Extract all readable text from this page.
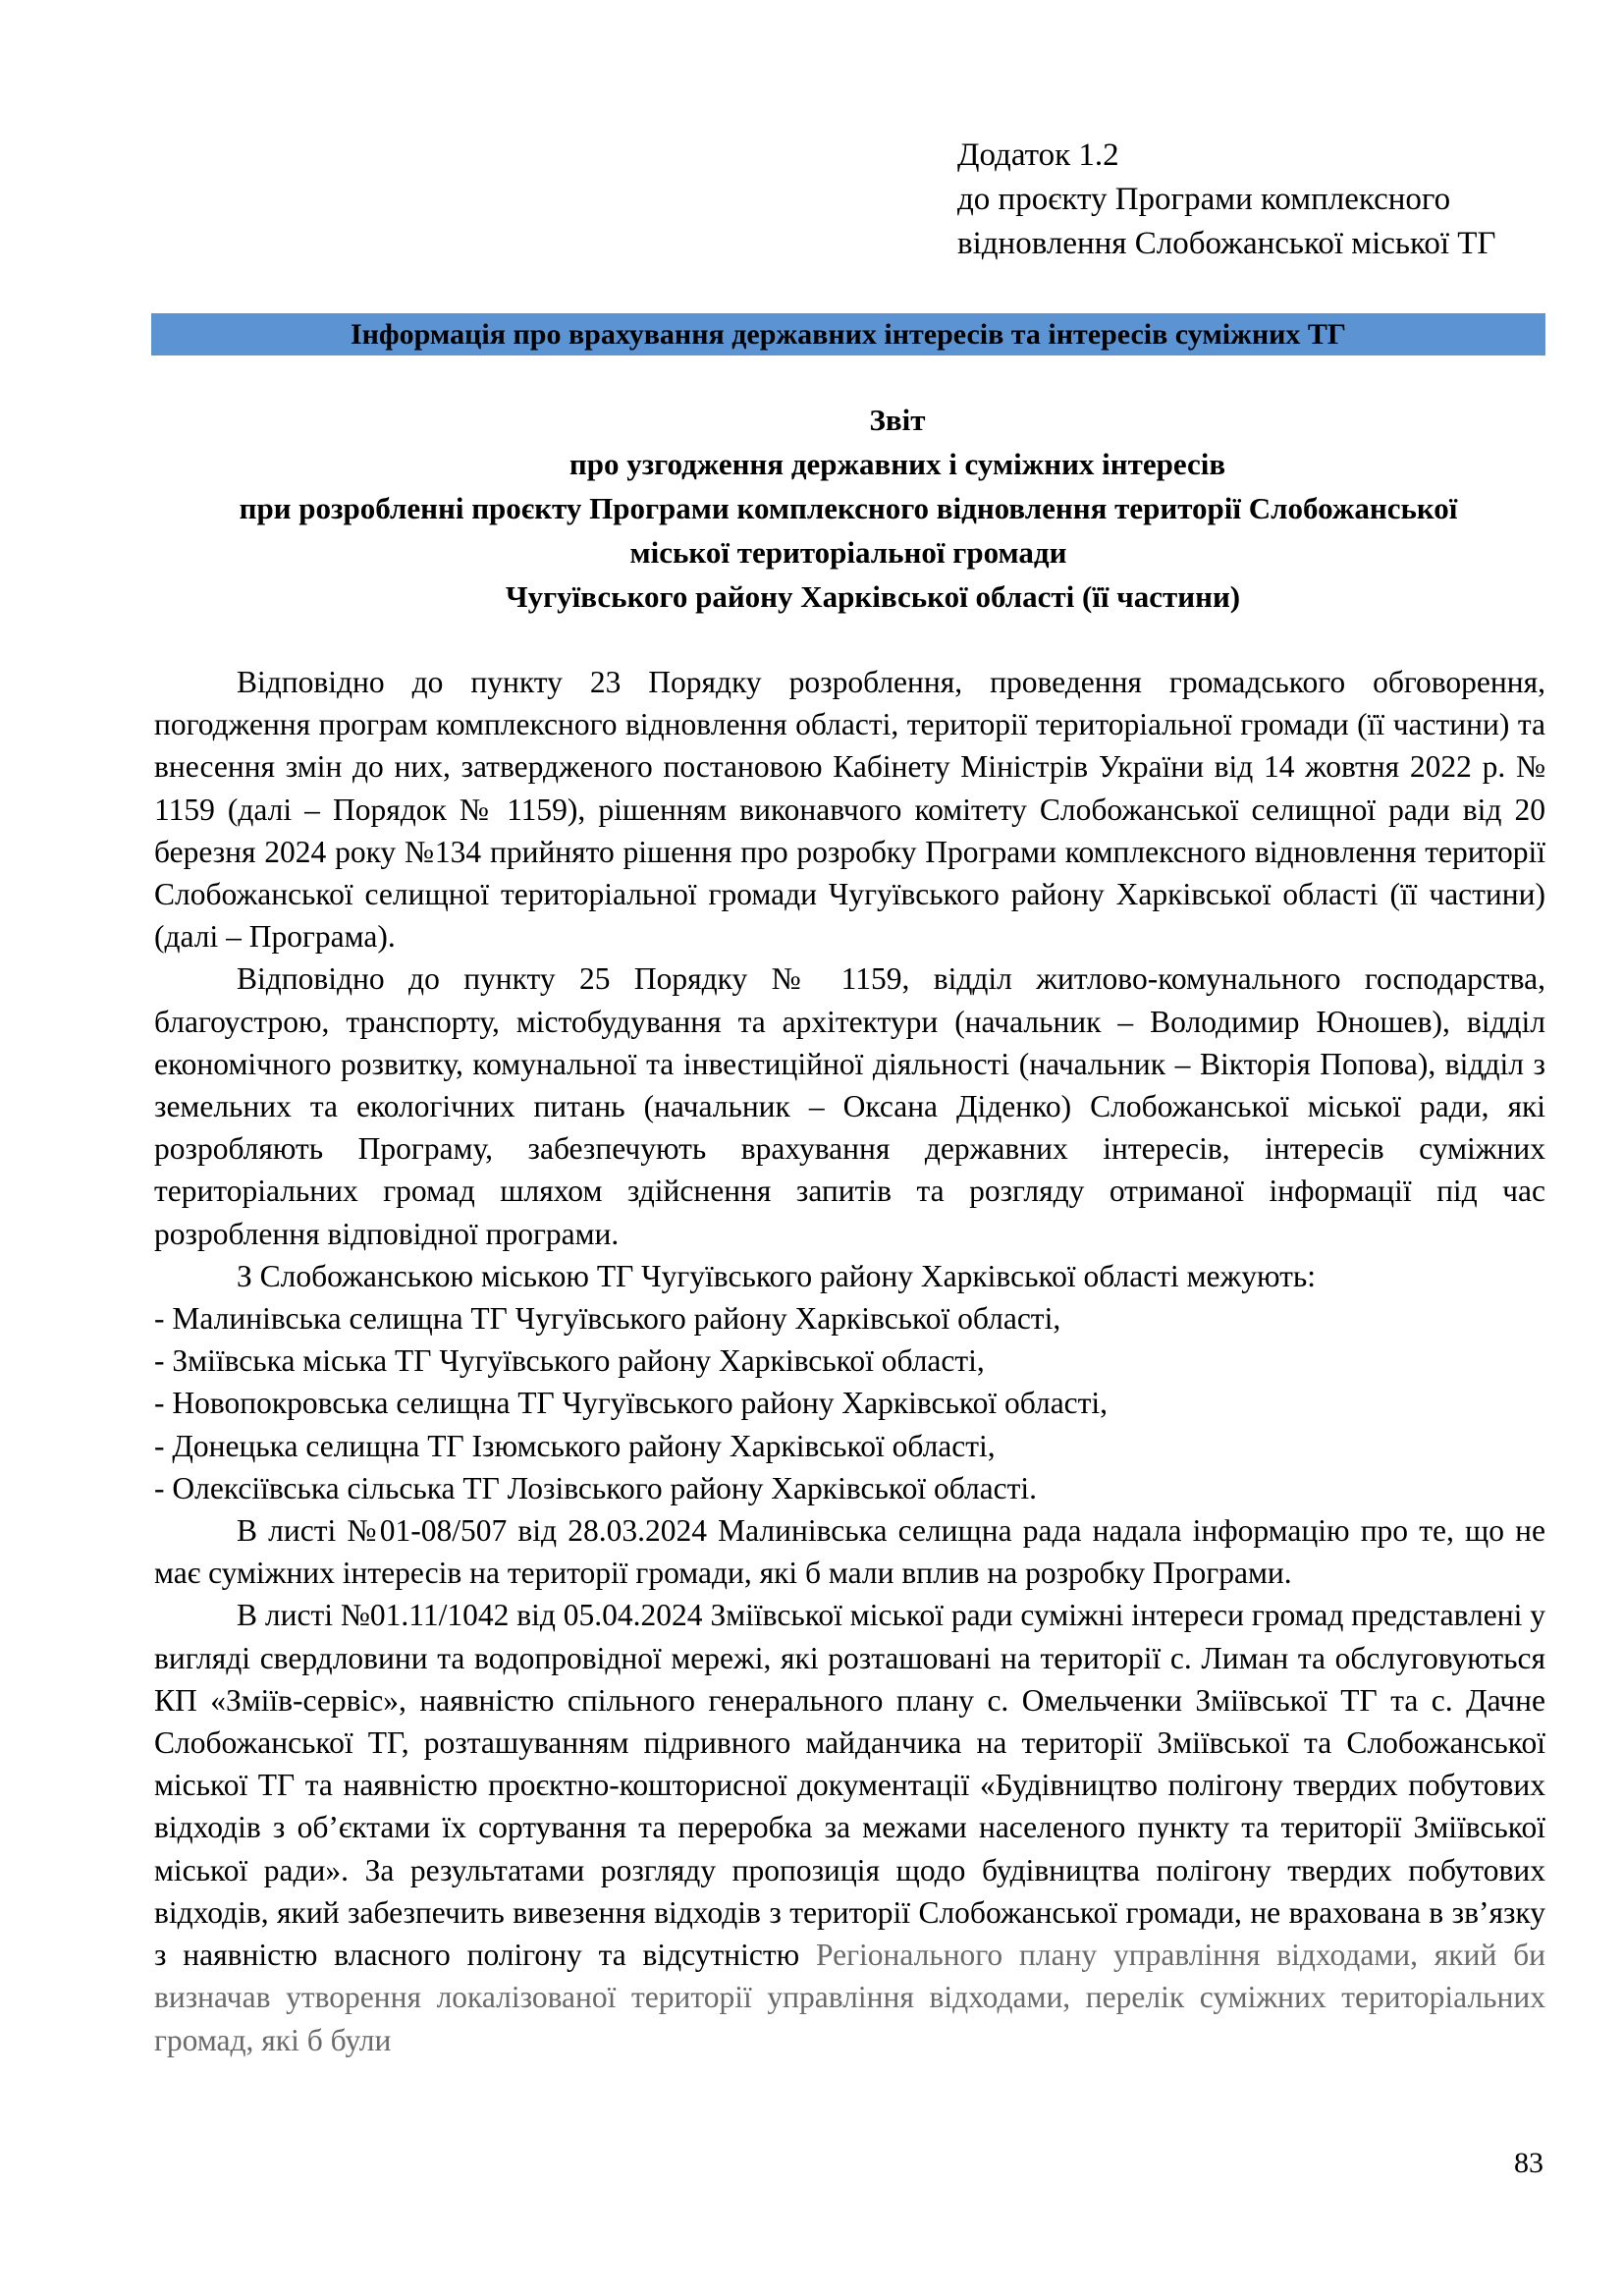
Додаток 1.2
до проєкту Програми комплексного
відновлення Слобожанської міської ТГ
Інформація про врахування державних інтересів та інтересів суміжних ТГ
Звіт
про узгодження державних і суміжних інтересів
при розробленні проєкту Програми комплексного відновлення території Слобожанської
міської територіальної громади
Чугуївського району Харківської області (її частини)

Відповідно до пункту 23 Порядку розроблення, проведення громадського обговорення, погодження програм комплексного відновлення області, території територіальної громади (її частини) та внесення змін до них, затвердженого постановою Кабінету Міністрів України від 14 жовтня 2022 р. № 1159 (далі – Порядок № 1159), рішенням виконавчого комітету Слобожанської селищної ради від 20 березня 2024 року №134 прийнято рішення про розробку Програми комплексного відновлення території Слобожанської селищної територіальної громади Чугуївського району Харківської області (її частини) (далі – Програма).

Відповідно до пункту 25 Порядку № 1159, відділ житлово-комунального господарства, благоустрою, транспорту, містобудування та архітектури (начальник – Володимир Юношев), відділ економічного розвитку, комунальної та інвестиційної діяльності (начальник – Вікторія Попова), відділ з земельних та екологічних питань (начальник – Оксана Діденко) Слобожанської міської ради, які розробляють Програму, забезпечують врахування державних інтересів, інтересів суміжних територіальних громад шляхом здійснення запитів та розгляду отриманої інформації під час розроблення відповідної програми.

З Слобожанською міською ТГ Чугуївського району Харківської області межують:

- Малинівська селищна ТГ Чугуївського району Харківської області,

- Зміївська міська ТГ Чугуївського району Харківської області,

- Новопокровська селищна ТГ Чугуївського району Харківської області,

- Донецька селищна ТГ Ізюмського району Харківської області,

- Олексіївська сільська ТГ Лозівського району Харківської області.

В листі №01-08/507 від 28.03.2024 Малинівська селищна рада надала інформацію про те, що не має суміжних інтересів на території громади, які б мали вплив на розробку Програми.

В листі №01.11/1042 від 05.04.2024 Зміївської міської ради суміжні інтереси громад представлені у вигляді свердловини та водопровідної мережі, які розташовані на території с. Лиман та обслуговуються КП «Зміїв-сервіс», наявністю спільного генерального плану с. Омельченки Зміївської ТГ та с. Дачне Слобожанської ТГ, розташуванням підривного майданчика на території Зміївської та Слобожанської міської ТГ та наявністю проєктно-кошторисної документації «Будівництво полігону твердих побутових відходів з об’єктами їх сортування та переробка за межами населеного пункту та території Зміївської міської ради». За результатами розгляду пропозиція щодо будівництва полігону твердих побутових відходів, який забезпечить вивезення відходів з території Слобожанської громади, не врахована в зв’язку з наявністю власного полігону та відсутністю Регіонального плану управління відходами, який би визначав утворення локалізованої території управління відходами, перелік суміжних територіальних громад, які б були

83
